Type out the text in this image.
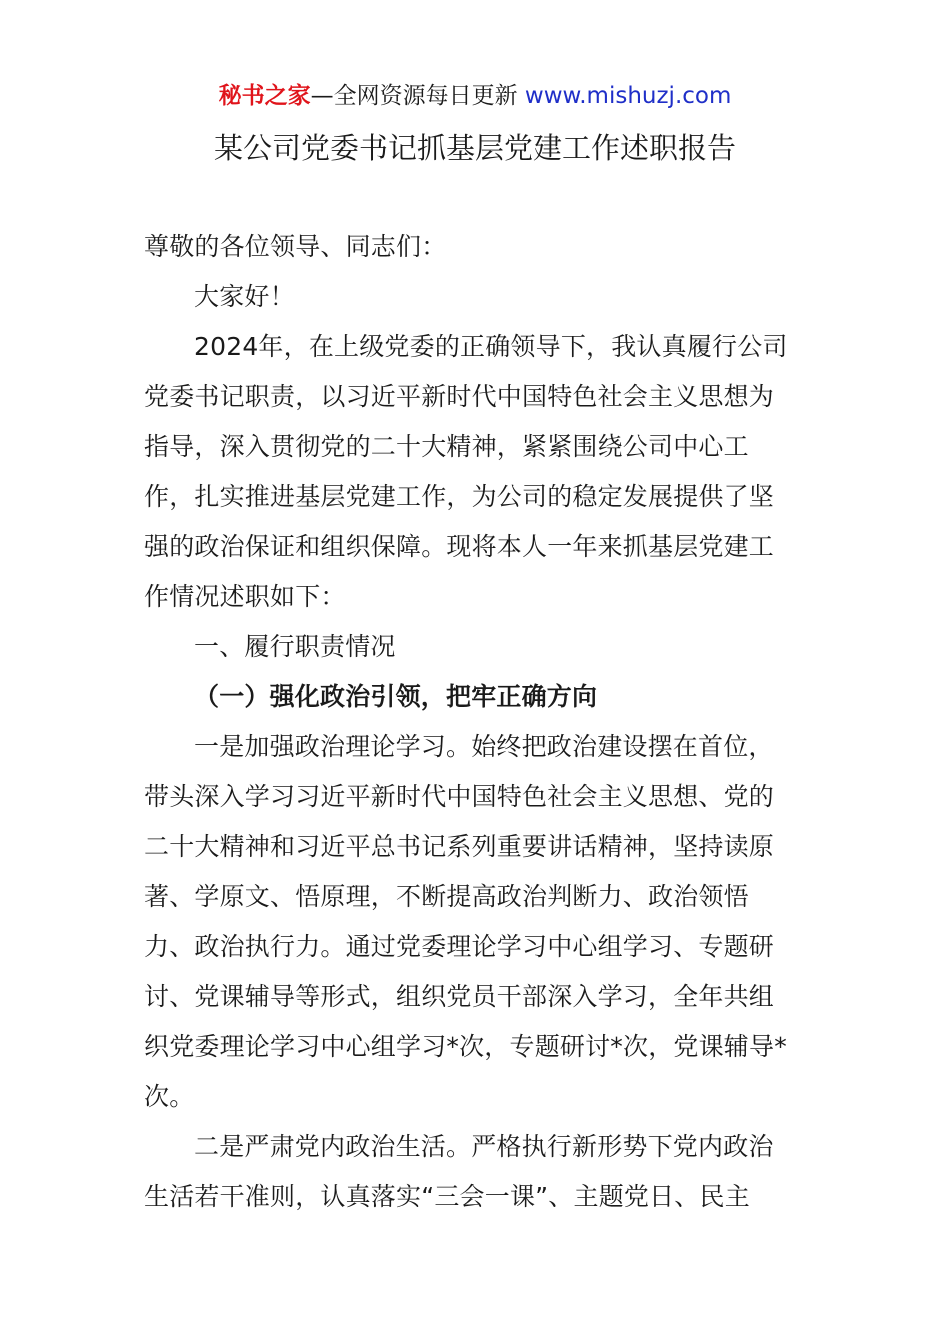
秘书之家—全网资源每日更新 www.mishuzj.com
某公司党委书记抓基层党建工作述职报告
尊敬的各位领导、同志们：
大家好！
2024年，在上级党委的正确领导下，我认真履行公司
党委书记职责，以习近平新时代中国特色社会主义思想为
指导，深入贯彻党的二十大精神，紧紧围绕公司中心工
作，扎实推进基层党建工作，为公司的稳定发展提供了坚
强的政治保证和组织保障。现将本人一年来抓基层党建工
作情况述职如下：
一、履行职责情况
（一）强化政治引领，把牢正确方向
一是加强政治理论学习。始终把政治建设摆在首位，
带头深入学习习近平新时代中国特色社会主义思想、党的
二十大精神和习近平总书记系列重要讲话精神，坚持读原
著、学原文、悟原理，不断提高政治判断力、政治领悟
力、政治执行力。通过党委理论学习中心组学习、专题研
讨、党课辅导等形式，组织党员干部深入学习，全年共组
织党委理论学习中心组学习*次，专题研讨*次，党课辅导*
次。
二是严肃党内政治生活。严格执行新形势下党内政治
生活若干准则，认真落实“三会一课”、主题党日、民主
